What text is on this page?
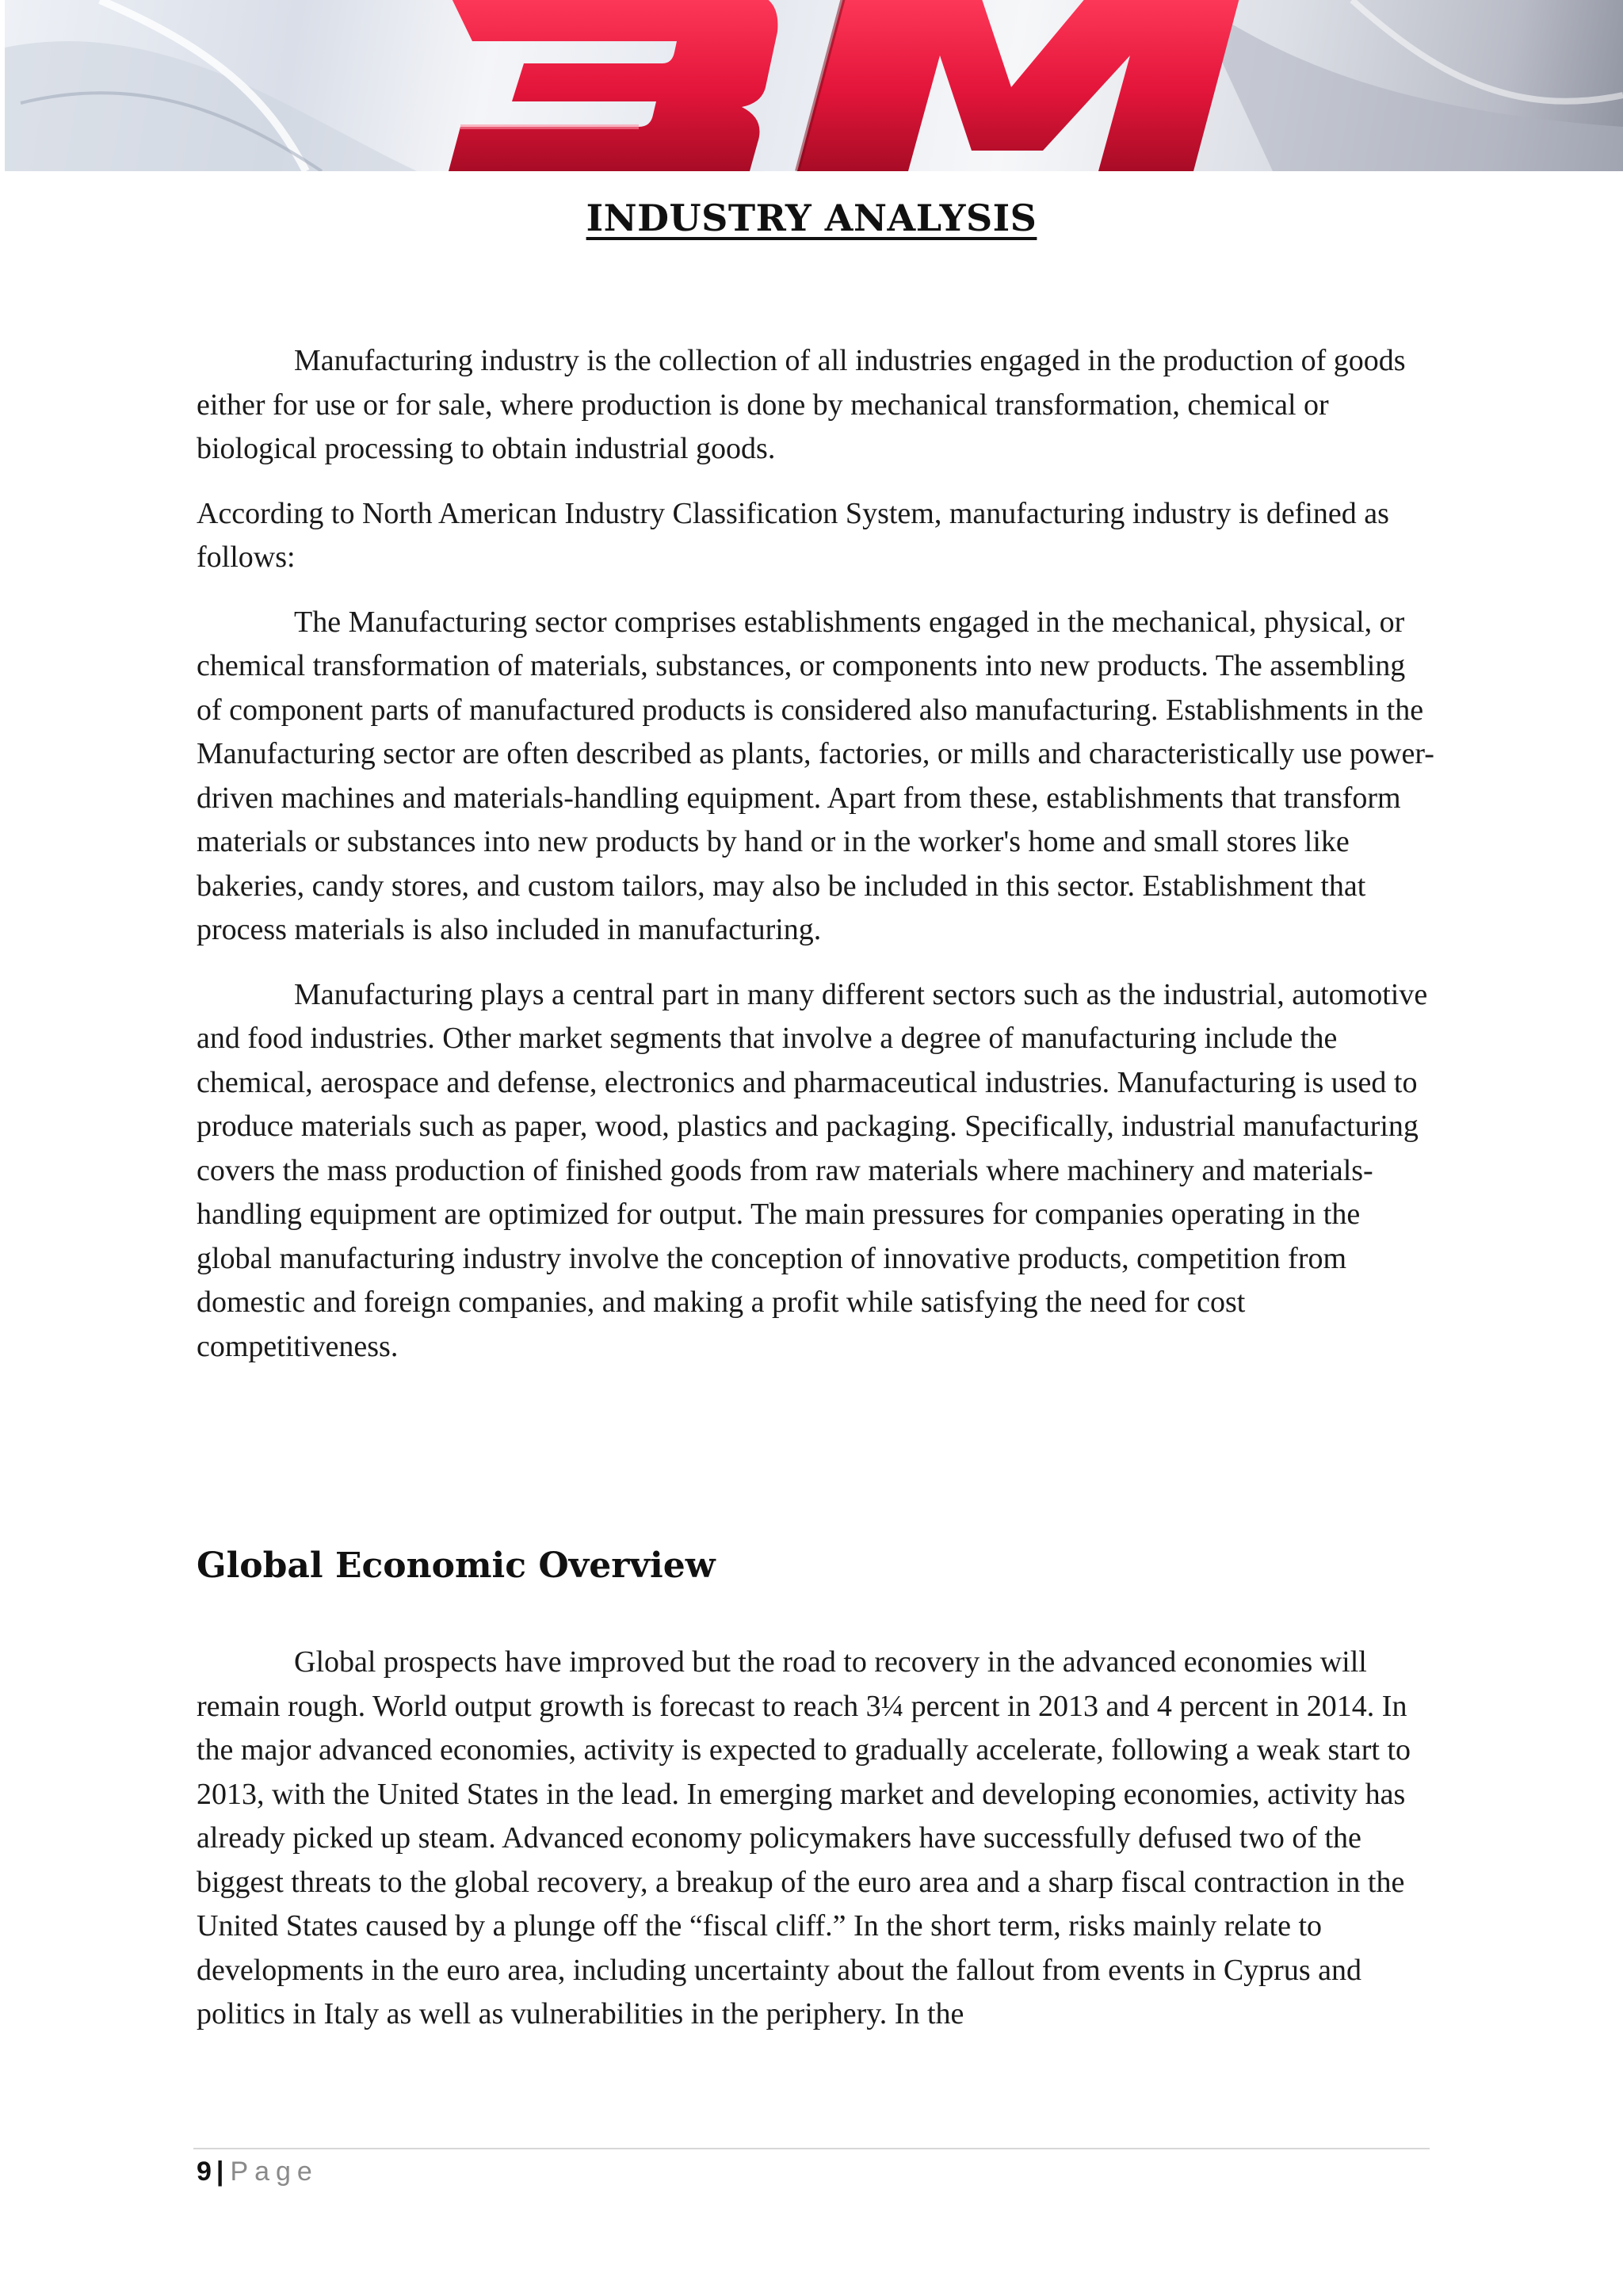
INDUSTRY ANALYSIS

Manufacturing industry is the collection of all industries engaged in the production of goods either for use or for sale, where production is done by mechanical transformation, chemical or biological processing to obtain industrial goods.

According to North American Industry Classification System, manufacturing industry is defined as follows:

The Manufacturing sector comprises establishments engaged in the mechanical, physical, or chemical transformation of materials, substances, or components into new products. The assembling of component parts of manufactured products is considered also manufacturing. Establishments in the Manufacturing sector are often described as plants, factories, or mills and characteristically use power-driven machines and materials-handling equipment. Apart from these, establishments that transform materials or substances into new products by hand or in the worker's home and small stores like bakeries, candy stores, and custom tailors, may also be included in this sector. Establishment that process materials is also included in manufacturing.

Manufacturing plays a central part in many different sectors such as the industrial, automotive and food industries. Other market segments that involve a degree of manufacturing include the chemical, aerospace and defense, electronics and pharmaceutical industries. Manufacturing is used to produce materials such as paper, wood, plastics and packaging. Specifically, industrial manufacturing covers the mass production of finished goods from raw materials where machinery and materials-handling equipment are optimized for output. The main pressures for companies operating in the global manufacturing industry involve the conception of innovative products, competition from domestic and foreign companies, and making a profit while satisfying the need for cost competitiveness.

Global Economic Overview

Global prospects have improved but the road to recovery in the advanced economies will remain rough. World output growth is forecast to reach 3¼ percent in 2013 and 4 percent in 2014. In the major advanced economies, activity is expected to gradually accelerate, following a weak start to 2013, with the United States in the lead. In emerging market and developing economies, activity has already picked up steam. Advanced economy policymakers have successfully defused two of the biggest threats to the global recovery, a breakup of the euro area and a sharp fiscal contraction in the United States caused by a plunge off the “fiscal cliff.” In the short term, risks mainly relate to developments in the euro area, including uncertainty about the fallout from events in Cyprus and politics in Italy as well as vulnerabilities in the periphery. In the

9 | Page
